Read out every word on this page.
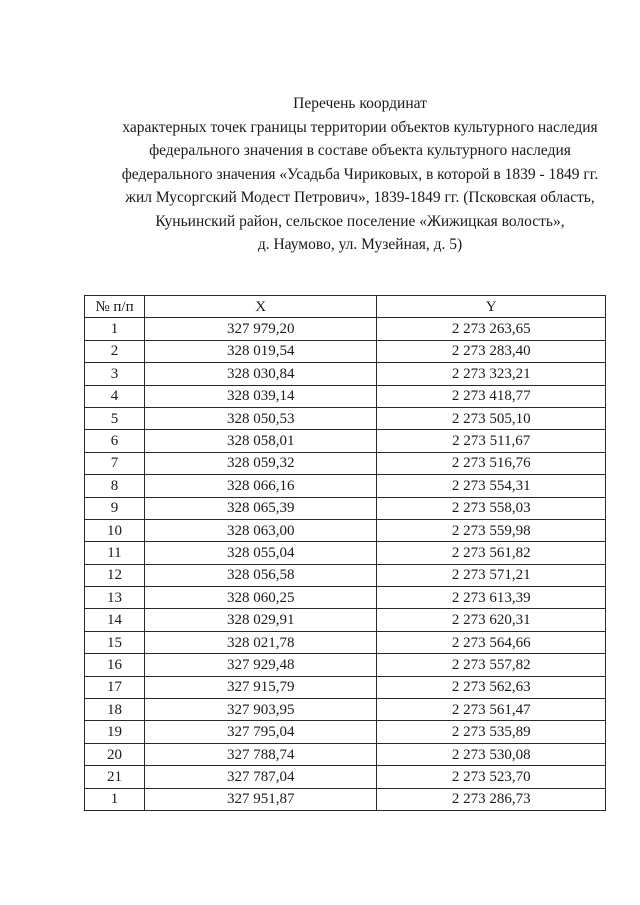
Перечень координат
характерных точек границы территории объектов культурного наследия
федерального значения в составе объекта культурного наследия
федерального значения «Усадьба Чириковых, в которой в 1839 - 1849 гг.
жил Мусоргский Модест Петрович», 1839-1849 гг. (Псковская область,
Куньинский район, сельское поселение «Жижицкая волость»,
д. Наумово, ул. Музейная, д. 5)
№ п/п	X	Y
1	327 979,20	2 273 263,65
2	328 019,54	2 273 283,40
3	328 030,84	2 273 323,21
4	328 039,14	2 273 418,77
5	328 050,53	2 273 505,10
6	328 058,01	2 273 511,67
7	328 059,32	2 273 516,76
8	328 066,16	2 273 554,31
9	328 065,39	2 273 558,03
10	328 063,00	2 273 559,98
11	328 055,04	2 273 561,82
12	328 056,58	2 273 571,21
13	328 060,25	2 273 613,39
14	328 029,91	2 273 620,31
15	328 021,78	2 273 564,66
16	327 929,48	2 273 557,82
17	327 915,79	2 273 562,63
18	327 903,95	2 273 561,47
19	327 795,04	2 273 535,89
20	327 788,74	2 273 530,08
21	327 787,04	2 273 523,70
1	327 951,87	2 273 286,73
